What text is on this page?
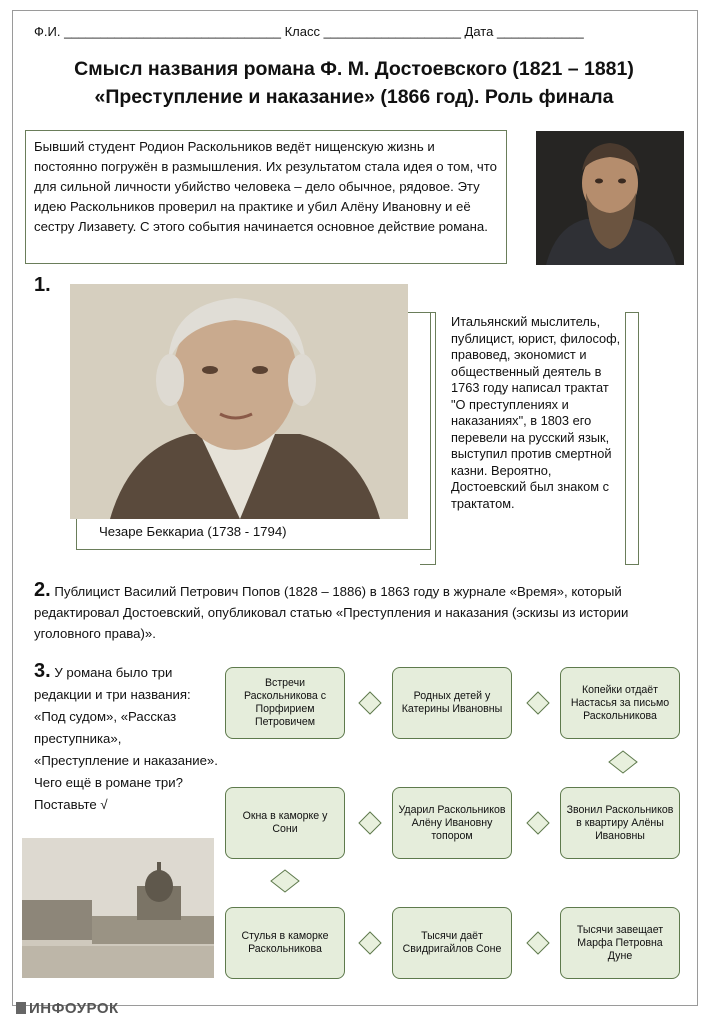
Ф.И. ______________________________ Класс ___________________ Дата ____________
Смысл названия романа Ф. М. Достоевского (1821 – 1881)
«Преступление и наказание» (1866 год). Роль финала
Бывший студент Родион Раскольников ведёт нищенскую жизнь и постоянно погружён в размышления. Их результатом стала идея о том, что для сильной личности убийство человека – дело обычное, рядовое. Эту идею Раскольников проверил на практике и убил Алёну Ивановну и её сестру Лизавету. С этого события начинается основное действие романа.
1.
Чезаре Беккариа (1738 - 1794)
Итальянский мыслитель, публицист, юрист, философ, правовед, экономист и общественный деятель в 1763 году написал трактат "О преступлениях и наказаниях", в 1803 его перевели на русский язык, выступил против смертной казни. Вероятно, Достоевский был знаком с трактатом.
2. Публицист Василий Петрович Попов (1828 – 1886) в 1863 году в журнале «Время», который редактировал Достоевский, опубликовал статью «Преступления и наказания (эскизы из истории уголовного права)».
3. У романа было три редакции и три названия: «Под судом», «Рассказ преступника», «Преступление и наказание». Чего ещё в романе три? Поставьте √
Встречи Раскольникова с Порфирием Петровичем
Родных детей у Катерины Ивановны
Копейки отдаёт Настасья за письмо Раскольникова
Окна в каморке у Сони
Ударил Раскольников Алёну Ивановну топором
Звонил Раскольников в квартиру Алёны Ивановны
Стулья в каморке Раскольникова
Тысячи даёт Свидригайлов Соне
Тысячи завещает Марфа Петровна Дуне
ИНФОУРОК
